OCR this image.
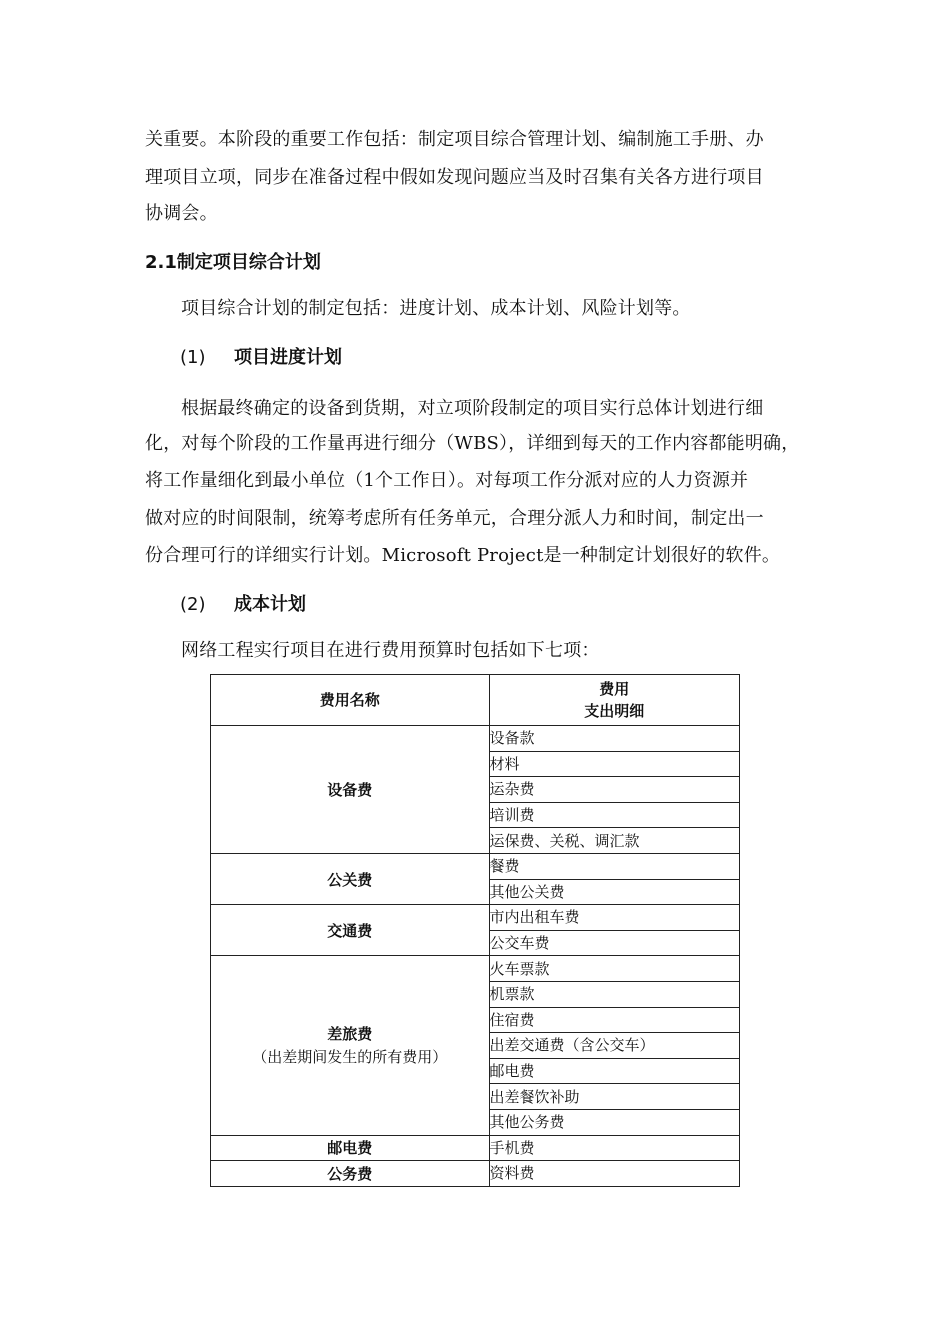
关重要。本阶段的重要工作包括：制定项目综合管理计划、编制施工手册、办
理项目立项，同步在准备过程中假如发现问题应当及时召集有关各方进行项目
协调会。
2.1制定项目综合计划
项目综合计划的制定包括：进度计划、成本计划、风险计划等。
(1) 项目进度计划
根据最终确定的设备到货期，对立项阶段制定的项目实行总体计划进行细
化，对每个阶段的工作量再进行细分（WBS），详细到每天的工作内容都能明确，
将工作量细化到最小单位（1个工作日）。对每项工作分派对应的人力资源并
做对应的时间限制，统筹考虑所有任务单元，合理分派人力和时间，制定出一
份合理可行的详细实行计划。Microsoft Project是一种制定计划很好的软件。
(2) 成本计划
网络工程实行项目在进行费用预算时包括如下七项：
费用名称	费用
支出明细
设备费	设备款
	材料
	运杂费
	培训费
	运保费、关税、调汇款
公关费	餐费
	其他公关费
交通费	市内出租车费
	公交车费
差旅费
（出差期间发生的所有费用）	火车票款
	机票款
	住宿费
	出差交通费（含公交车）
	邮电费
	出差餐饮补助
	其他公务费
邮电费	手机费
公务费	资料费
